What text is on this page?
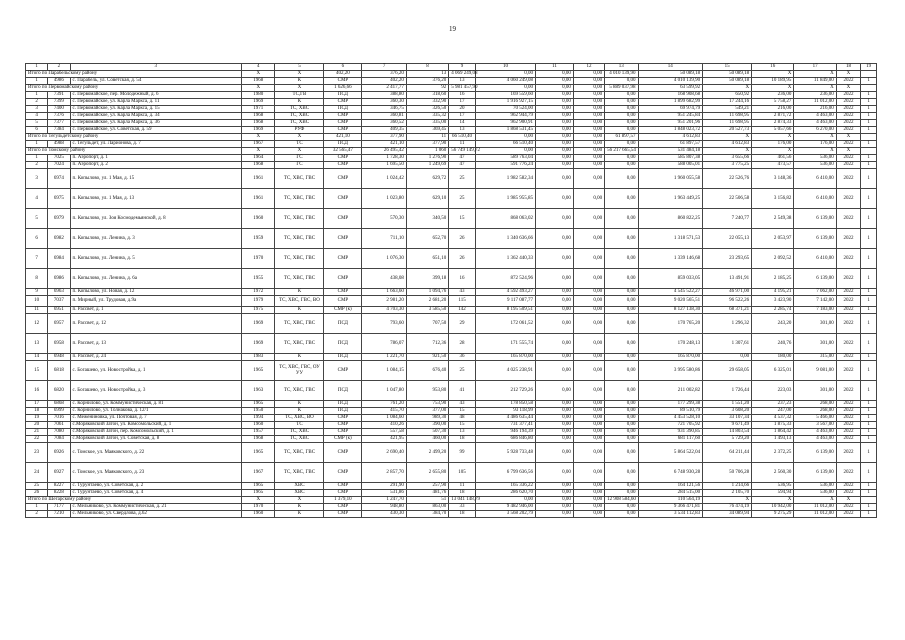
19
1	2	3	4	5	6	7	8	9	10	11	12	13	14	15	16	17	18	19
Итого по Парабельскому району			X	X	402,20	376,20	13	4 069 249,08	0,00	0,00	0,00	4 010 139,90	50 089,18	50 089,18	X	X	X	
1	4986	с. Парабель, ул. Советская, д. 54	1968	К	СМР	402,20	376,20	13	4 060 249,08	0,00	0,00	0,00	4 010 139,90	50 089,18	10 189,95	11 849,00	2022	1
Итого по Первомайскому району			X	X	1 626,66	2 417,77	92	5 981 457,90	0,00	0,00	0,00	5 889 037,98	63 599,92	X	X	X	X	
1	7391	с. Первомайское, пер. Молодежный, д. 6	1980	ТС,ГВ	ПСД	388,80	318,60	16	169 559,60	0,00	0,00	0,00	168 908,68	650,92	236,00	236,00	2022	1
2	7399	с. Первомайское, ул. Карла Маркса, д. 11	1969	К	СМР	360,30	332,90	17	1 916 927,15	0,00	0,00	0,00	1 899 682,99	17 244,16	5 758,27	11 012,00	2022	1
3	7400	с. Первомайское, ул. Карла Маркса, д. 15	1971	ТС, ХВС	ПСД	346,75	326,50	20	70 524,00	0,00	0,00	0,00	69 974,79	549,21	216,00	216,00	2022	1
4	7376	с. Первомайское, ул. Карла Маркса, д. 34	1968	ТС, ХВС	СМР	360,81	335,32	17	962 944,79	0,00	0,00	0,00	951 245,84	11 698,95	2 871,72	4 463,00	2022	1
5	7377	с. Первомайское, ул. Карла Маркса, д. 36	1968	ТС, ХВС	СМР	360,52	335,00	14	962 900,91	0,00	0,00	0,00	951 201,96	11 698,95	2 874,33	4 463,00	2022	1
6	7384	с. Первомайское, ул. Советская, д. 59	1969	РУФ	СМР	409,35	369,45	13	1 868 531,45	0,00	0,00	0,00	1 848 023,72	20 527,73	5 057,66	6 270,00	2022	1
Итого по Тегульдетскому району			X	X	421,10	377,90	11	66 510,40	0,00	0,00	0,00	61 897,57	4 612,83	X	X	X	X	
1	4988	с. Тегульдет, ул. Ларионова, д. 7	1967	ТС	ПСД	421,10	377,90	11	66 510,40	0,00	0,00	0,00	61 897,57	4 612,83	176,00	176,00	2022	1
Итого по Томскому району			X	X	32 565,47	26 495,42	1 060	56 749 149,72	0,00	0,00	0,00	56 217 665,54	531 484,18	X	X	X	X	
1	7025	п. Аэропорт, д. 1	1964	ГС	СМР	1 728,30	1 276,90	47	589 763,04	0,00	0,00	0,00	585 807,38	3 655,66	461,56	536,00	2022	1
2	7024	п. Аэропорт, д. 2	1968	ГС	СМР	1 695,50	1 249,69	47	591 776,24	0,00	0,00	0,00	588 005,01	3 775,25	473,57	536,00	2022	1
3	6974	п. Копылово, ул. 1 Мая, д. 15	1961	ТС, ХВС, ГВС	СМР	1 024,42	629,72	25	1 982 582,34	0,00	0,00	0,00	1 960 055,58	22 526,76	3 148,36	6 410,00	2022	1
4	6975	п. Копылово, ул. 1 Мая, д. 13	1961	ТС, ХВС, ГВС	СМР	1 023,80	629,10	25	1 985 955,85	0,00	0,00	0,00	1 963 449,25	22 506,58	3 156,82	6 410,00	2022	1
5	6979	п. Копылово, ул. Зоя Космодемьянской, д. 8	1960	ТС, ХВС, ГВС	СМР	570,30	340,50	15	868 063,02	0,00	0,00	0,00	860 822,25	7 240,77	2 549,38	6 139,00	2022	1
6	6982	п. Копылово, ул. Ленина, д. 3	1959	ТС, ХВС, ГВС	СМР	711,10	652,70	26	1 340 636,66	0,00	0,00	0,00	1 318 571,53	22 055,13	2 053,97	6 139,00	2022	1
7	6984	п. Копылово, ул. Ленина, д. 5	1970	ТС, ХВС, ГВС	СМР	1 076,30	651,10	26	1 362 440,33	0,00	0,00	0,00	1 339 146,68	23 293,65	2 092,52	6 410,00	2022	1
8	6986	п. Копылово, ул. Ленина, д. 6а	1955	ТС, ХВС, ГВС	СМР	438,08	399,18	16	872 524,96	0,00	0,00	0,00	859 033,05	13 491,91	2 185,25	6 139,00	2022	1
9	6963	п. Копылово, ул. Новая, д. 12	1972	К	СМР	1 663,60	1 094,76	43	4 592 493,27	0,00	0,00	0,00	4 545 522,27	46 971,00	4 195,21	7 062,00	2022	1
10	7037	п. Мирный, ул. Трудовая, д.9а	1979	ТС, ХВС, ГВС, ВО	СМР	2 981,20	2 681,20	115	9 117 087,77	0,00	0,00	0,00	9 020 565,51	96 522,26	3 423,90	7 142,00	2022	1
11	6951	п. Рассвет, д. 1	1975	К	СМР (к)	4 703,30	3 585,50	142	8 195 509,51	0,00	0,00	0,00	8 127 138,30	68 371,21	2 285,74	7 183,00	2022	1
12	6957	п. Рассвет, д. 12	1969	ТС, ХВС, ГВС	ПСД	793,60	707,50	29	172 061,52	0,00	0,00	0,00	170 765,20	1 296,32	243,20	301,00	2022	1
13	6958	п. Рассвет, д. 13	1969	ТС, ХВС, ГВС	ПСД	786,07	712,36	28	171 555,74	0,00	0,00	0,00	170 248,13	1 307,61	240,76	301,00	2022	1
14	6948	п. Рассвет, д. 24	1983	К	ПСД	1 221,70	921,50	36	165 870,00	0,00	0,00	0,00	165 870,00	0,00	180,00	315,00	2022	1
15	6818	с. Богашево, ул. Новостройка, д. 1	1965	ТС, ХВС, ГВС, ОУ УУ	СМР	1 084,15	676,40	25	4 025 238,91	0,00	0,00	0,00	3 995 580,86	29 658,05	6 325,01	9 081,00	2022	1
16	6820	с. Богашево, ул. Новостройка, д. 3	1963	ТС, ХВС, ГВС	ПСД	1 047,80	953,80	41	212 729,26	0,00	0,00	0,00	211 002,82	1 726,44	223,03	301,00	2022	1
17	6868	с. Корнилово, ул. Коммунистическая, д. 81	1965	К	ПСД	761,20	753,90	43	178 850,58	0,00	0,00	0,00	177 299,38	1 551,20	237,23	268,00	2022	1
18	6999	с. Корнилово, ул. Толнакова, д. 12/1	1950	К	ПСД	415,70	377,00	15	93 118,99	0,00	0,00	0,00	89 510,79	3 608,20	247,00	268,00	2022	1
19	7016	с. Межениновка, ул. Почтовая, д. 7	1994	ТС, ХВС, ВО	СМР	1 084,60	989,30	48	4 486 635,44	0,00	0,00	0,00	4 453 528,10	33 107,34	4 537,32	5 466,00	2022	1
20	7061	с.Моряковский Затон, ул. Комсомольский, д. 1	1960	ТС	СМР	410,26	390,00	15	731 377,41	0,00	0,00	0,00	721 705,92	9 671,49	1 875,33	3 567,00	2022	1
21	7080	с.Моряковский Затон, пер. Комсомольский, д. 1	1957	ТС, ХВС	СМР	557,58	507,30	13	946 194,39	0,00	0,00	0,00	931 390,85	14 803,54	1 864,42	4 463,00	2022	1
22	7084	с.Моряковский Затон, ул. Советская, д. 8	1968	ТС, ХВС	СМР (к)	421,95	460,00	18	686 846,80	0,00	0,00	0,00	681 117,60	5 729,20	1 493,13	4 463,00	2022	1
23	6926	с. Томское, ул. Маяковского, д. 22	1965	ТС, ХВС, ГВС	СМР	2 690,40	2 499,20	99	5 928 733,48	0,00	0,00	0,00	5 864 522,04	64 211,44	2 372,25	6 139,00	2022	1
24	6927	с. Томское, ул. Маяковского, д. 23	1967	ТС, ХВС, ГВС	СМР	2 857,70	2 655,80	105	6 799 636,56	0,00	0,00	0,00	6 748 930,28	50 706,28	2 560,30	6 139,00	2022	1
25	8227	с. Турунтаево, ул. Советская, д. 2	1965	ХВС	СМР	291,90	257,90	11	165 336,22	0,00	0,00	0,00	164 121,56	1 214,66	536,95	536,00	2022	1
26	8228	с. Турунтаево, ул. Советская, д. 4	1965	ХВС	СМР	531,86	481,76	18	286 620,70	0,00	0,00	0,00	284 515,00	2 105,70	594,94	536,00	2022	1
Итого по Шегарскому району			X	X	1 379,10	1 247,70	51	13 041 148,79	0,00	0,00	0,00	12 908 584,60	110 564,19	X	X	X	X	
1	7177	с. Мельниково, ул. Коммунистическая, д. 21	1970	К	СМР	948,80	863,00	33	9 482 946,00	0,00	0,00	0,00	9 366 471,81	76 474,19	10 942,00	11 012,00	2022	1
2	7210	с. Мельниково, ул. Свердлова, д.62	1960	К	СМР	430,30	384,70	18	3 568 202,79	0,00	0,00	0,00	3 534 112,83	34 089,94	9 275,29	11 012,00	2022	1
